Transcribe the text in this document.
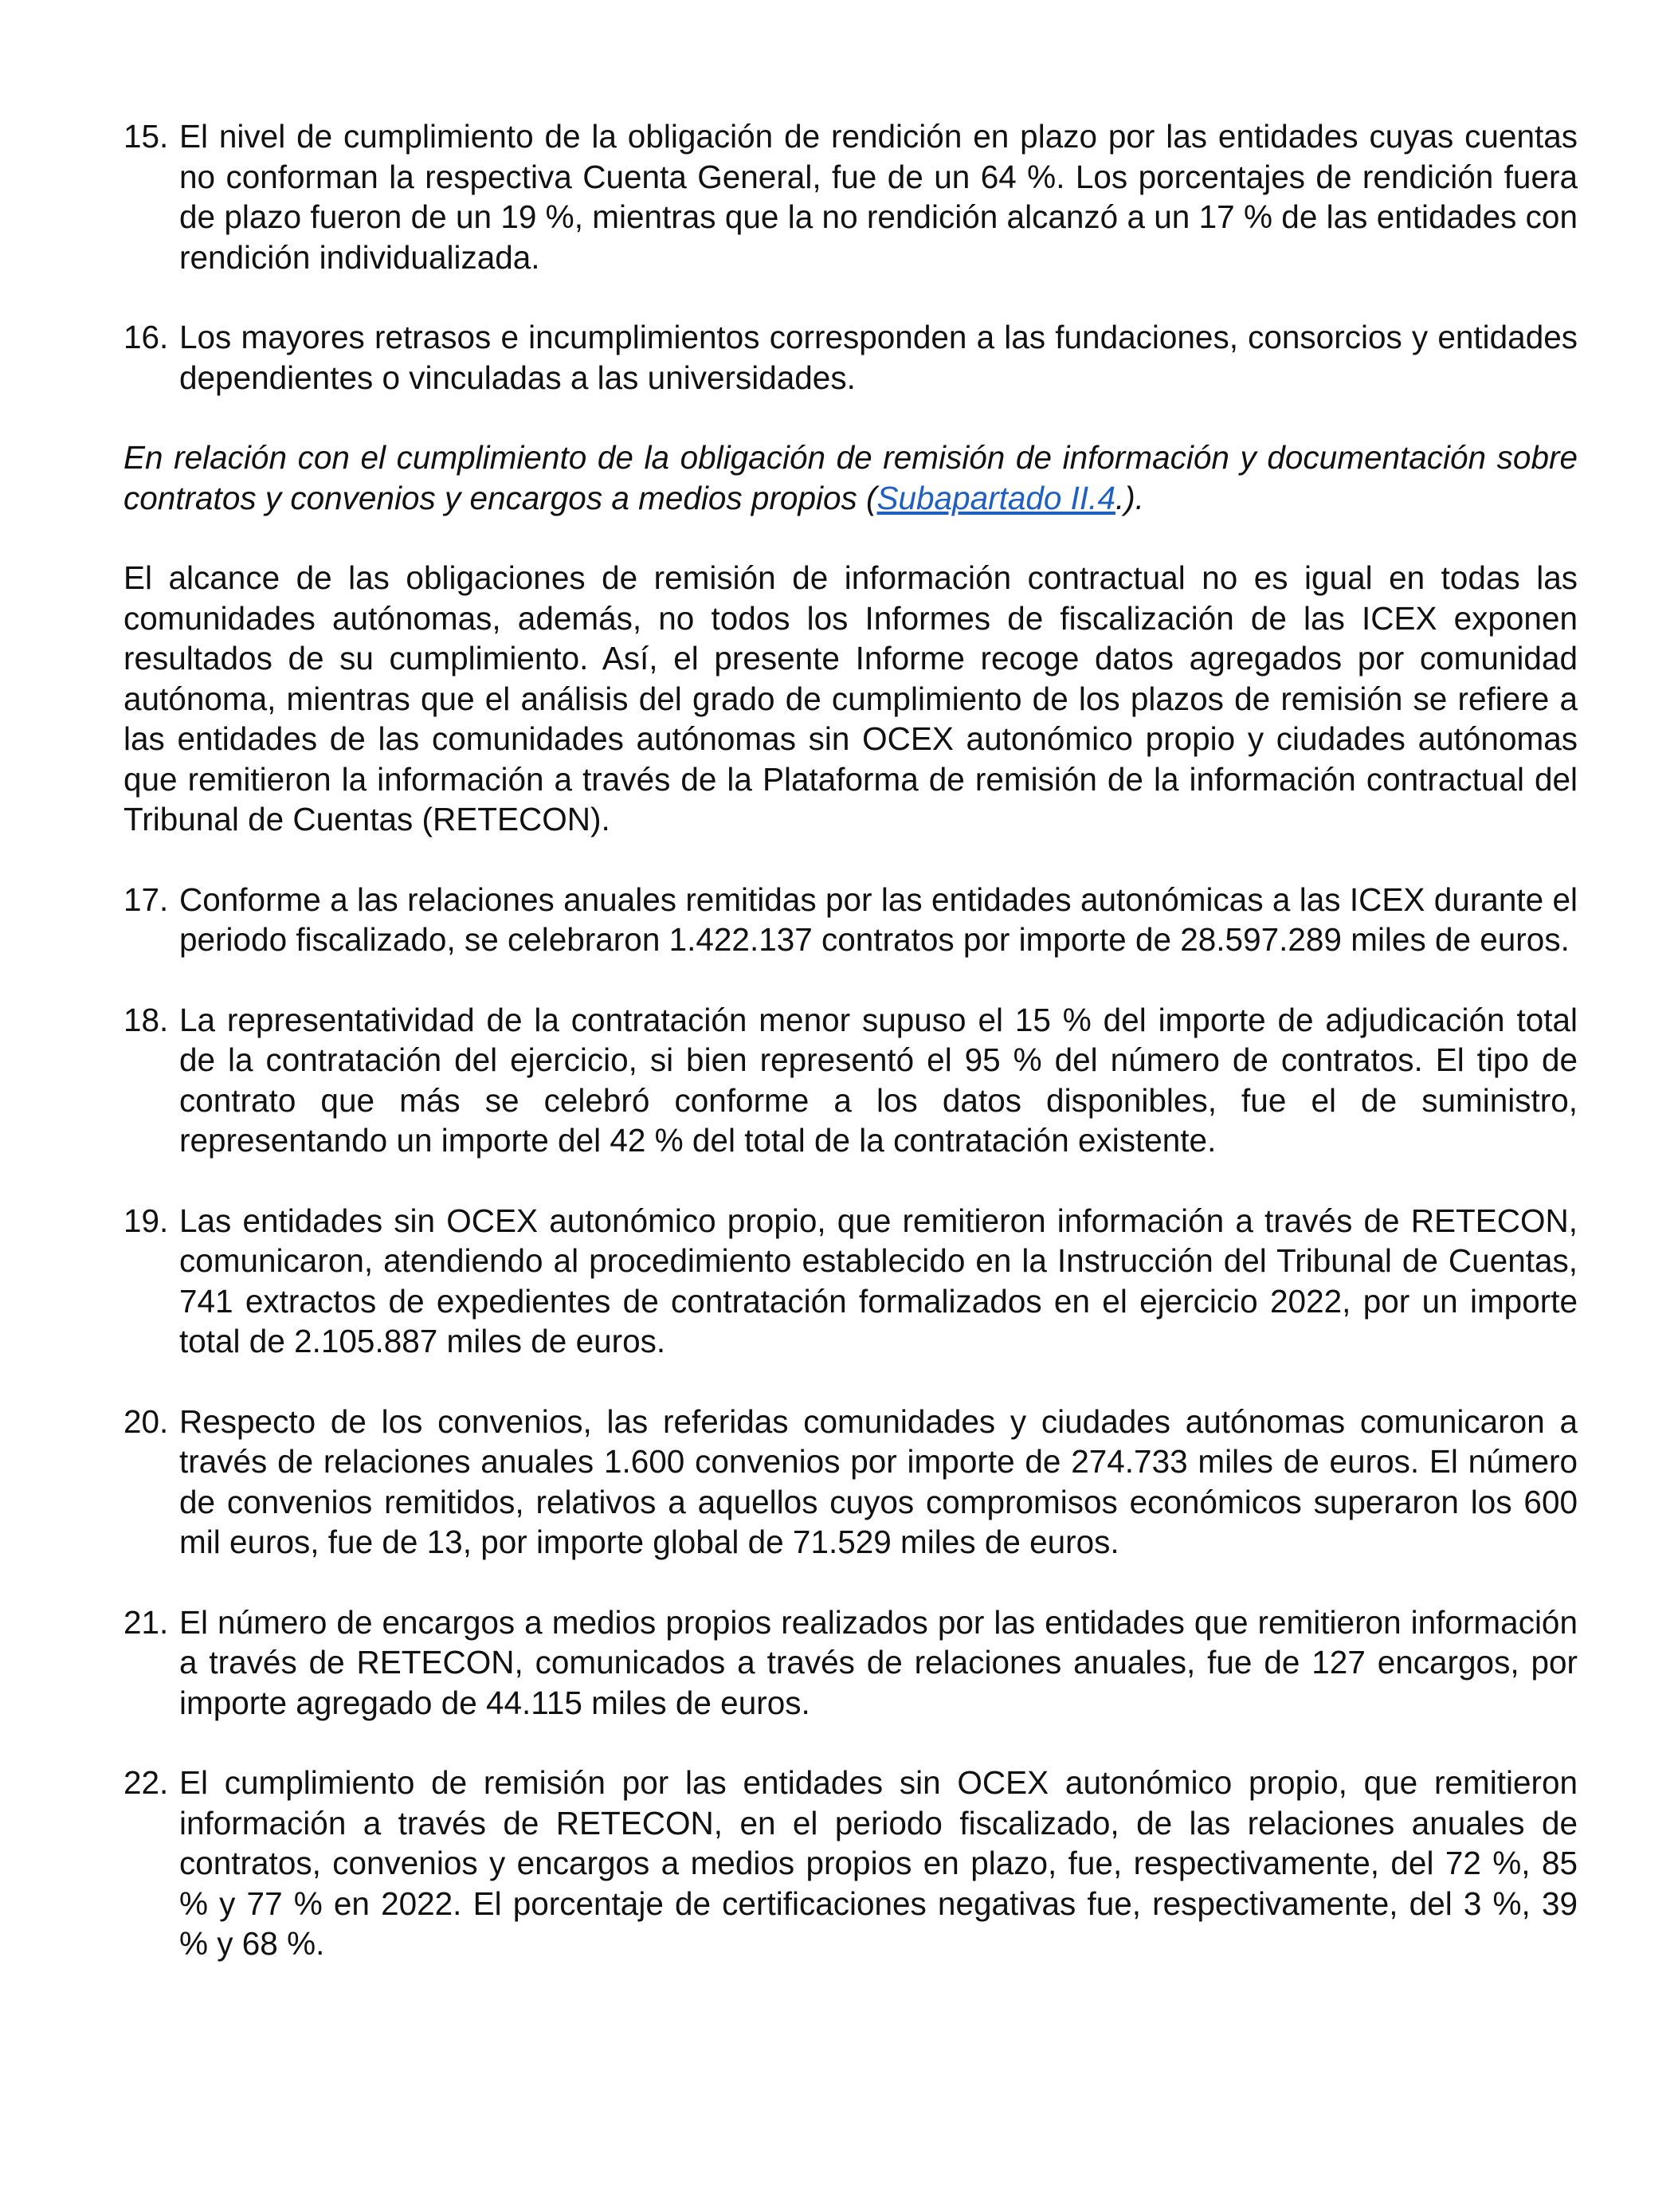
15. El nivel de cumplimiento de la obligación de rendición en plazo por las entidades cuyas cuentas no conforman la respectiva Cuenta General, fue de un 64 %. Los porcentajes de rendición fuera de plazo fueron de un 19 %, mientras que la no rendición alcanzó a un 17 % de las entidades con rendición individualizada.
16. Los mayores retrasos e incumplimientos corresponden a las fundaciones, consorcios y entidades dependientes o vinculadas a las universidades.

En relación con el cumplimiento de la obligación de remisión de información y documentación sobre contratos y convenios y encargos a medios propios (Subapartado II.4.).

El alcance de las obligaciones de remisión de información contractual no es igual en todas las comunidades autónomas, además, no todos los Informes de fiscalización de las ICEX exponen resultados de su cumplimiento. Así, el presente Informe recoge datos agregados por comunidad autónoma, mientras que el análisis del grado de cumplimiento de los plazos de remisión se refiere a las entidades de las comunidades autónomas sin OCEX autonómico propio y ciudades autónomas que remitieron la información a través de la Plataforma de remisión de la información contractual del Tribunal de Cuentas (RETECON).

17. Conforme a las relaciones anuales remitidas por las entidades autonómicas a las ICEX durante el periodo fiscalizado, se celebraron 1.422.137 contratos por importe de 28.597.289 miles de euros.
18. La representatividad de la contratación menor supuso el 15 % del importe de adjudicación total de la contratación del ejercicio, si bien representó el 95 % del número de contratos. El tipo de contrato que más se celebró conforme a los datos disponibles, fue el de suministro, representando un importe del 42 % del total de la contratación existente.
19. Las entidades sin OCEX autonómico propio, que remitieron información a través de RETECON, comunicaron, atendiendo al procedimiento establecido en la Instrucción del Tribunal de Cuentas, 741 extractos de expedientes de contratación formalizados en el ejercicio 2022, por un importe total de 2.105.887 miles de euros.
20. Respecto de los convenios, las referidas comunidades y ciudades autónomas comunicaron a través de relaciones anuales 1.600 convenios por importe de 274.733 miles de euros. El número de convenios remitidos, relativos a aquellos cuyos compromisos económicos superaron los 600 mil euros, fue de 13, por importe global de 71.529 miles de euros.
21. El número de encargos a medios propios realizados por las entidades que remitieron información a través de RETECON, comunicados a través de relaciones anuales, fue de 127 encargos, por importe agregado de 44.115 miles de euros.
22. El cumplimiento de remisión por las entidades sin OCEX autonómico propio, que remitieron información a través de RETECON, en el periodo fiscalizado, de las relaciones anuales de contratos, convenios y encargos a medios propios en plazo, fue, respectivamente, del 72 %, 85 % y 77 % en 2022. El porcentaje de certificaciones negativas fue, respectivamente, del 3 %, 39 % y 68 %.
